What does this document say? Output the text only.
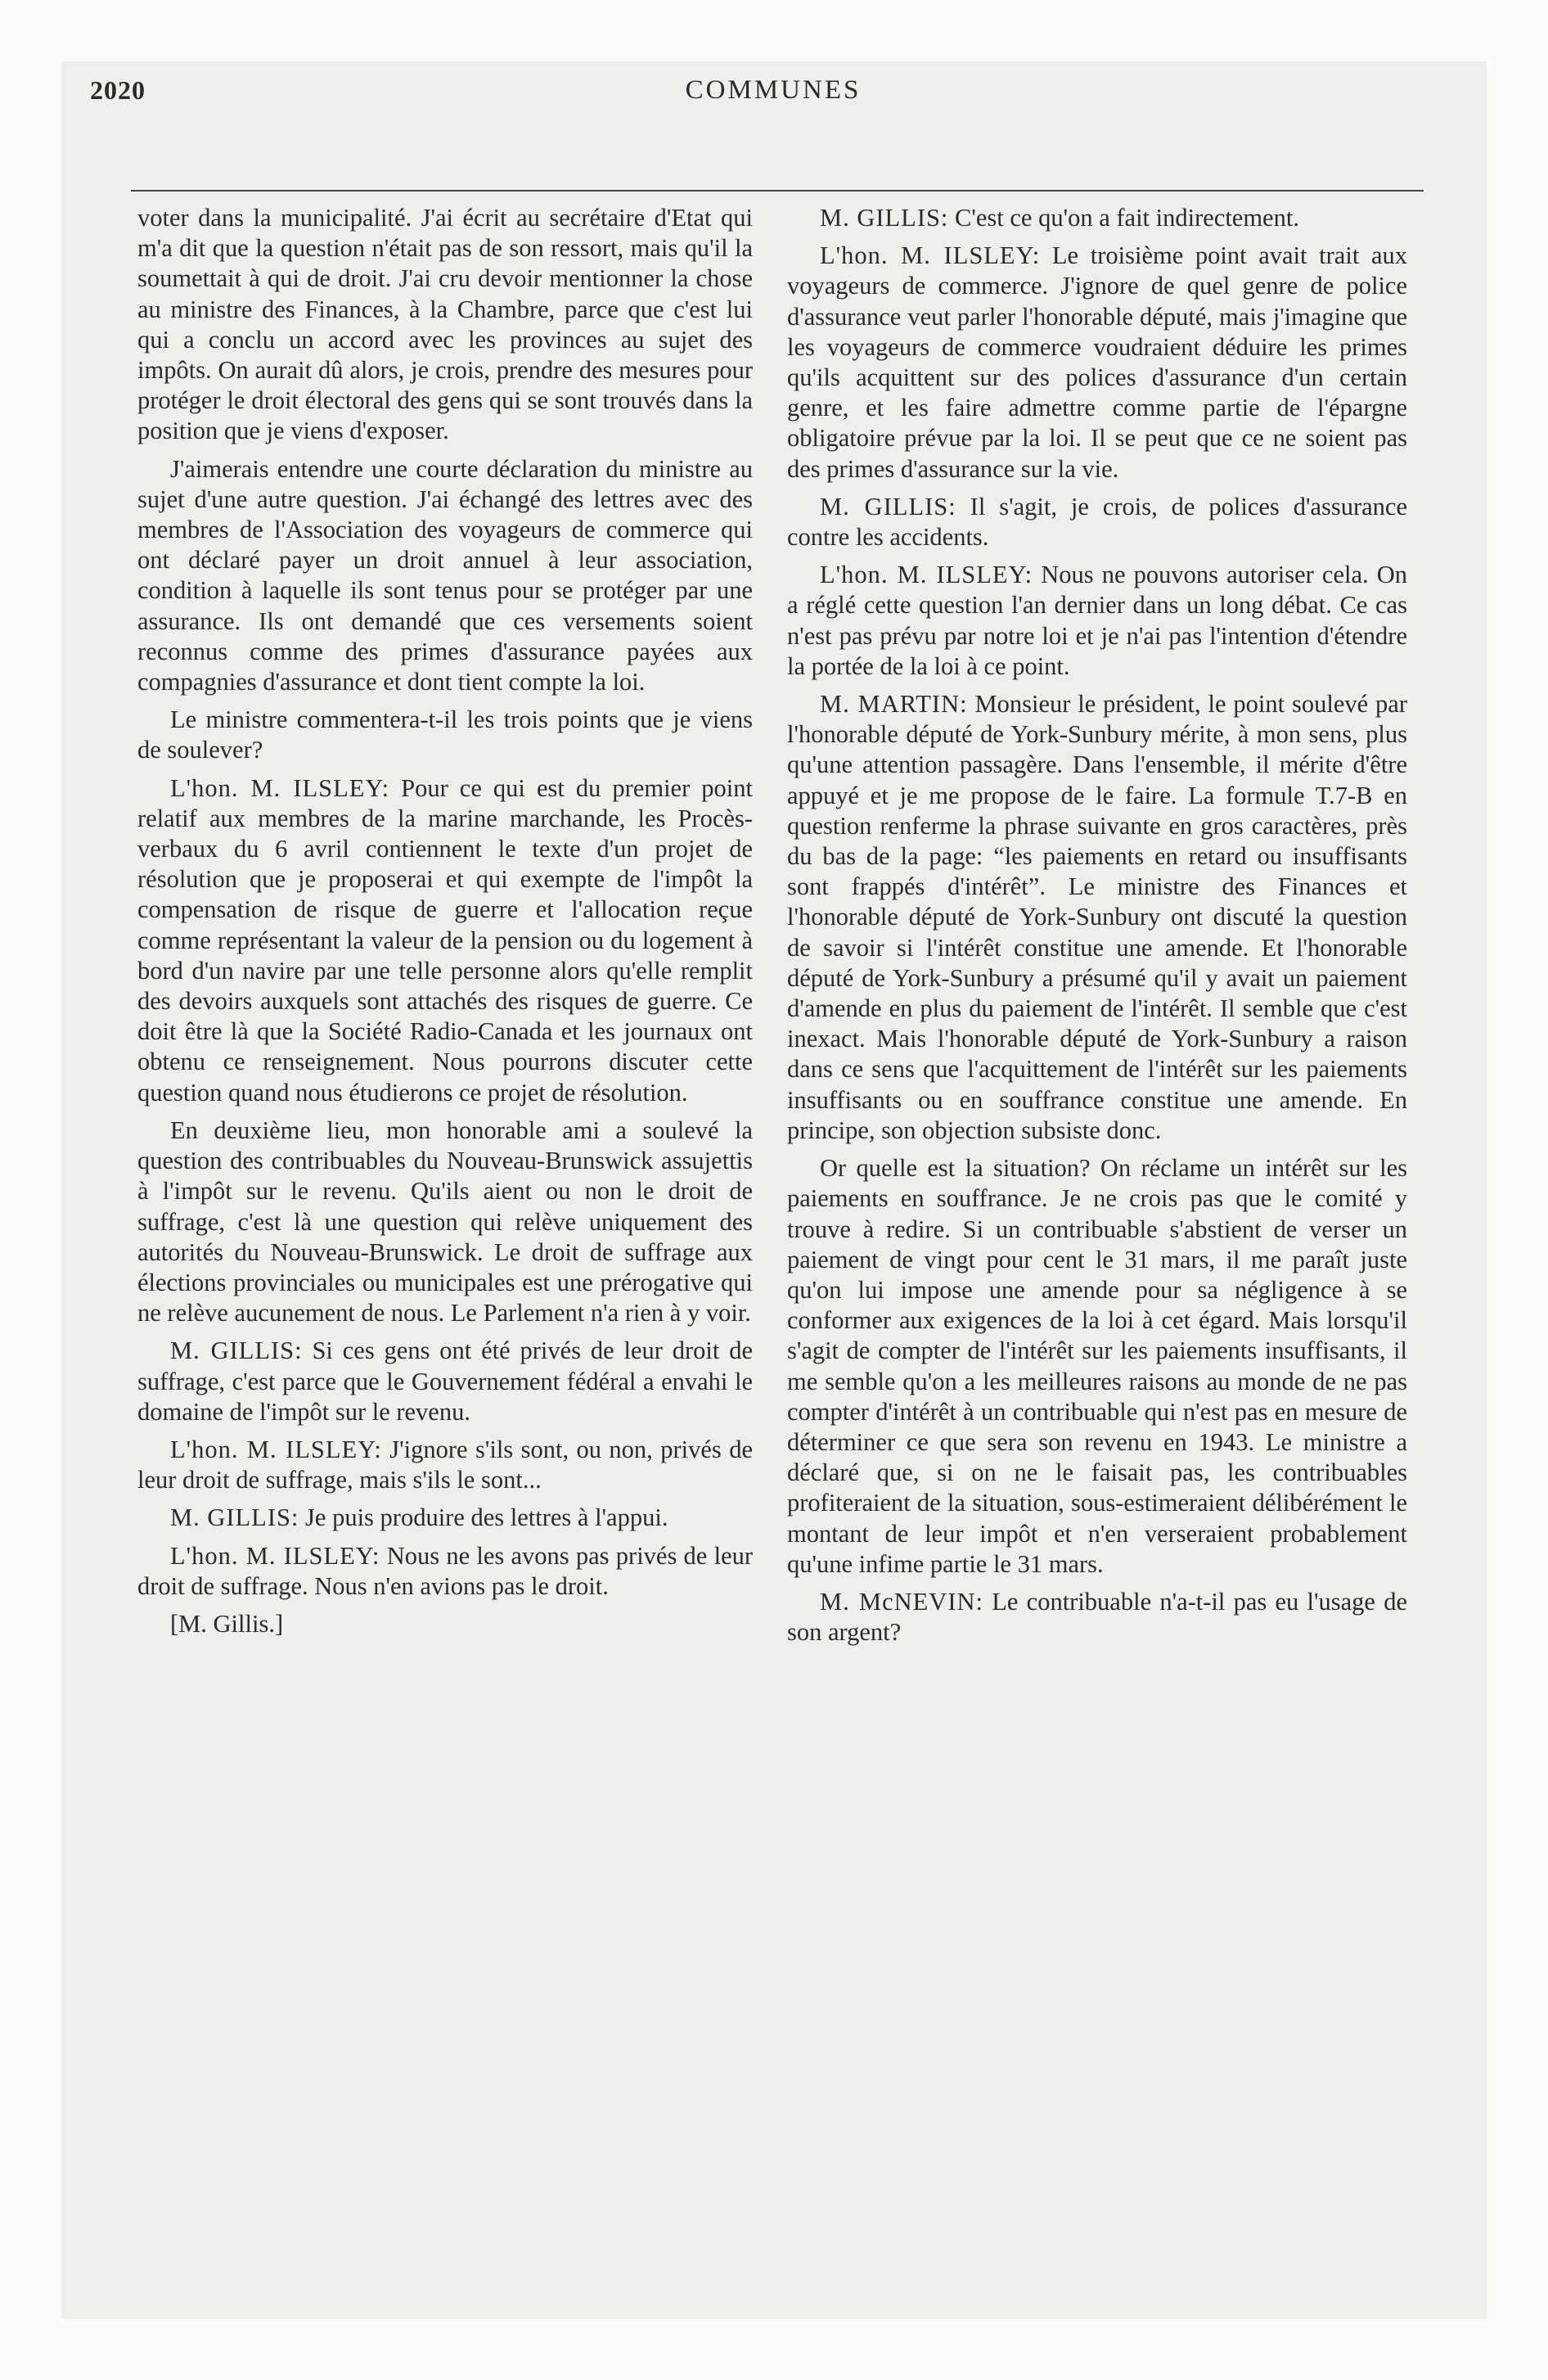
2020	COMMUNES

voter dans la municipalité. J'ai écrit au secrétaire d'Etat qui m'a dit que la question n'était pas de son ressort, mais qu'il la soumettait à qui de droit. J'ai cru devoir mentionner la chose au ministre des Finances, à la Chambre, parce que c'est lui qui a conclu un accord avec les provinces au sujet des impôts. On aurait dû alors, je crois, prendre des mesures pour protéger le droit électoral des gens qui se sont trouvés dans la position que je viens d'exposer.

J'aimerais entendre une courte déclaration du ministre au sujet d'une autre question. J'ai échangé des lettres avec des membres de l'Association des voyageurs de commerce qui ont déclaré payer un droit annuel à leur association, condition à laquelle ils sont tenus pour se protéger par une assurance. Ils ont demandé que ces versements soient reconnus comme des primes d'assurance payées aux compagnies d'assurance et dont tient compte la loi.

Le ministre commentera-t-il les trois points que je viens de soulever?

L'hon. M. ILSLEY: Pour ce qui est du premier point relatif aux membres de la marine marchande, les Procès-verbaux du 6 avril contiennent le texte d'un projet de résolution que je proposerai et qui exempte de l'impôt la compensation de risque de guerre et l'allocation reçue comme représentant la valeur de la pension ou du logement à bord d'un navire par une telle personne alors qu'elle remplit des devoirs auxquels sont attachés des risques de guerre. Ce doit être là que la Société Radio-Canada et les journaux ont obtenu ce renseignement. Nous pourrons discuter cette question quand nous étudierons ce projet de résolution.

En deuxième lieu, mon honorable ami a soulevé la question des contribuables du Nouveau-Brunswick assujettis à l'impôt sur le revenu. Qu'ils aient ou non le droit de suffrage, c'est là une question qui relève uniquement des autorités du Nouveau-Brunswick. Le droit de suffrage aux élections provinciales ou municipales est une prérogative qui ne relève aucunement de nous. Le Parlement n'a rien à y voir.

M. GILLIS: Si ces gens ont été privés de leur droit de suffrage, c'est parce que le Gouvernement fédéral a envahi le domaine de l'impôt sur le revenu.

L'hon. M. ILSLEY: J'ignore s'ils sont, ou non, privés de leur droit de suffrage, mais s'ils le sont...

M. GILLIS: Je puis produire des lettres à l'appui.

L'hon. M. ILSLEY: Nous ne les avons pas privés de leur droit de suffrage. Nous n'en avions pas le droit.

[M. Gillis.]

M. GILLIS: C'est ce qu'on a fait indirectement.

L'hon. M. ILSLEY: Le troisième point avait trait aux voyageurs de commerce. J'ignore de quel genre de police d'assurance veut parler l'honorable député, mais j'imagine que les voyageurs de commerce voudraient déduire les primes qu'ils acquittent sur des polices d'assurance d'un certain genre, et les faire admettre comme partie de l'épargne obligatoire prévue par la loi. Il se peut que ce ne soient pas des primes d'assurance sur la vie.

M. GILLIS: Il s'agit, je crois, de polices d'assurance contre les accidents.

L'hon. M. ILSLEY: Nous ne pouvons autoriser cela. On a réglé cette question l'an dernier dans un long débat. Ce cas n'est pas prévu par notre loi et je n'ai pas l'intention d'étendre la portée de la loi à ce point.

M. MARTIN: Monsieur le président, le point soulevé par l'honorable député de York-Sunbury mérite, à mon sens, plus qu'une attention passagère. Dans l'ensemble, il mérite d'être appuyé et je me propose de le faire. La formule T.7-B en question renferme la phrase suivante en gros caractères, près du bas de la page: “les paiements en retard ou insuffisants sont frappés d'intérêt”. Le ministre des Finances et l'honorable député de York-Sunbury ont discuté la question de savoir si l'intérêt constitue une amende. Et l'honorable député de York-Sunbury a présumé qu'il y avait un paiement d'amende en plus du paiement de l'intérêt. Il semble que c'est inexact. Mais l'honorable député de York-Sunbury a raison dans ce sens que l'acquittement de l'intérêt sur les paiements insuffisants ou en souffrance constitue une amende. En principe, son objection subsiste donc.

Or quelle est la situation? On réclame un intérêt sur les paiements en souffrance. Je ne crois pas que le comité y trouve à redire. Si un contribuable s'abstient de verser un paiement de vingt pour cent le 31 mars, il me paraît juste qu'on lui impose une amende pour sa négligence à se conformer aux exigences de la loi à cet égard. Mais lorsqu'il s'agit de compter de l'intérêt sur les paiements insuffisants, il me semble qu'on a les meilleures raisons au monde de ne pas compter d'intérêt à un contribuable qui n'est pas en mesure de déterminer ce que sera son revenu en 1943. Le ministre a déclaré que, si on ne le faisait pas, les contribuables profiteraient de la situation, sous-estimeraient délibérément le montant de leur impôt et n'en verseraient probablement qu'une infime partie le 31 mars.

M. McNEVIN: Le contribuable n'a-t-il pas eu l'usage de son argent?
